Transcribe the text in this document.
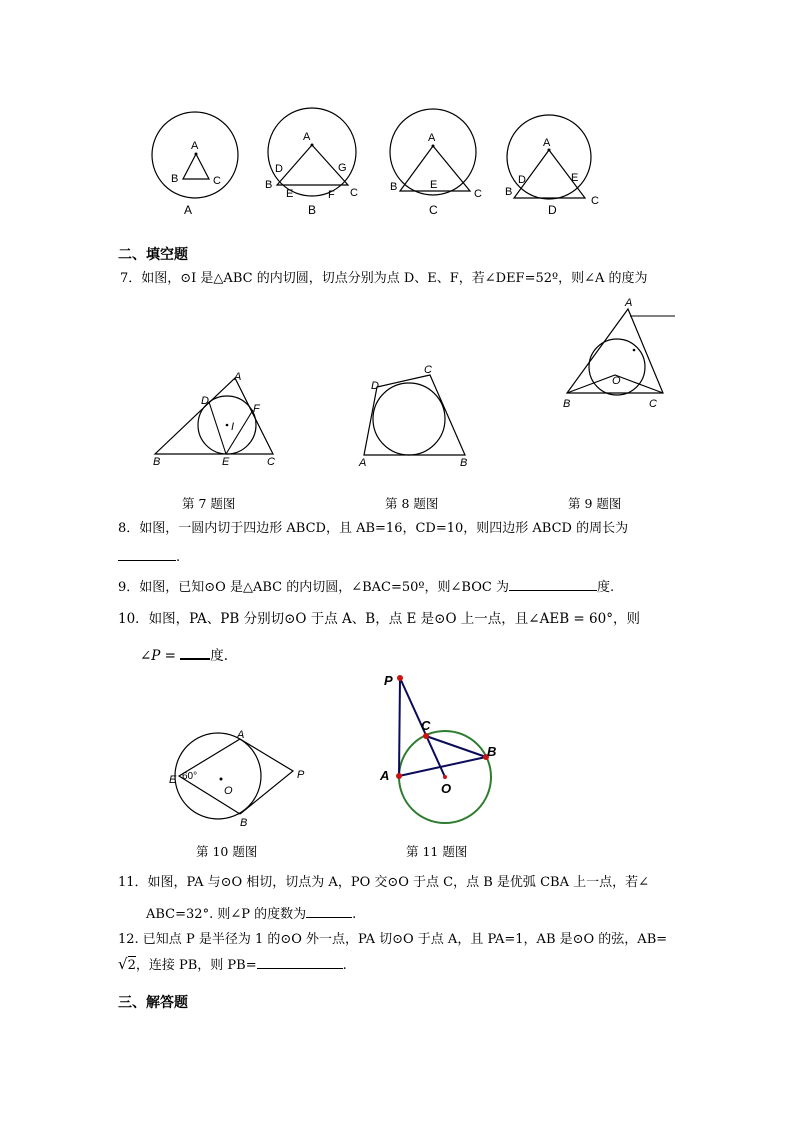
A
B	C
A
A
D	G
B
E	F C
B
A
B	E
C
C
A
D	E
B
C
D
二、填空题
7．如图，⊙I 是△ABC 的内切圆，切点分别为点 D、E、F，若∠DEF=52º，则∠A 的度为
A
D
F
I
B	E	C
第 7 题图
D
C
A	B
第 8 题图
A
O
B	C
第 9 题图
8．如图，一圆内切于四边形 ABCD，且 AB=16，CD=10，则四边形 ABCD 的周长为
.
9．如图，已知⊙O 是△ABC 的内切圆，∠BAC=50º，则∠BOC 为	度.
10．如图，PA、PB 分别切⊙O 于点 A、B，点 E 是⊙O 上一点，且∠AEB = 60°，则
∠P =	度.
A
E 60°
O
P
B
第 10 题图
P
C
B
A
O
第 11 题图
11．如图，PA 与⊙O 相切，切点为 A，PO 交⊙O 于点 C，点 B 是优弧 CBA 上一点，若∠
ABC=32°. 则∠P 的度数为	.
12. 已知点 P 是半径为 1 的⊙O 外一点，PA 切⊙O 于点 A，且 PA=1，AB 是⊙O 的弦，AB=
√2，连接 PB，则 PB=	.
三、解答题
